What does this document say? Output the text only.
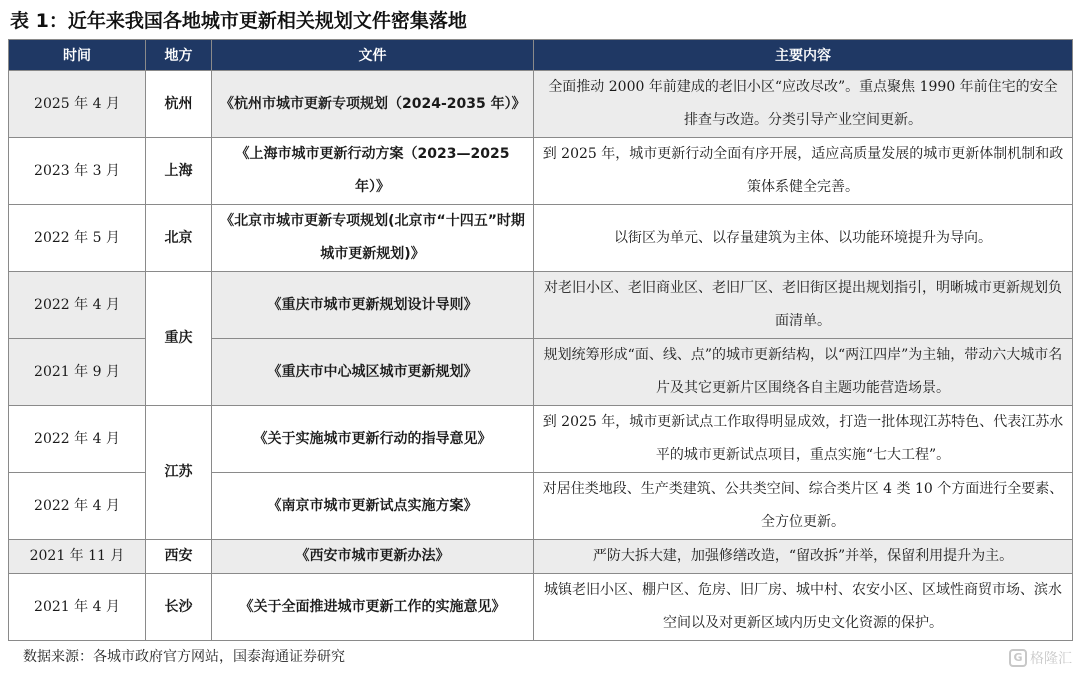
表 1：近年来我国各地城市更新相关规划文件密集落地
时间	地方	文件	主要内容
2025 年 4 月	杭州	《杭州市城市更新专项规划（2024-2035 年）》	全面推动 2000 年前建成的老旧小区“应改尽改”。重点聚焦 1990 年前住宅的安全排查与改造。分类引导产业空间更新。
2023 年 3 月	上海	《上海市城市更新行动方案（2023—2025 年）》	到 2025 年，城市更新行动全面有序开展，适应高质量发展的城市更新体制机制和政策体系健全完善。
2022 年 5 月	北京	《北京市城市更新专项规划(北京市“十四五”时期城市更新规划)》	以街区为单元、以存量建筑为主体、以功能环境提升为导向。
2022 年 4 月	重庆	《重庆市城市更新规划设计导则》	对老旧小区、老旧商业区、老旧厂区、老旧街区提出规划指引，明晰城市更新规划负面清单。
2021 年 9 月		《重庆市中心城区城市更新规划》	规划统筹形成“面、线、点”的城市更新结构，以“两江四岸”为主轴，带动六大城市名片及其它更新片区围绕各自主题功能营造场景。
2022 年 4 月	江苏	《关于实施城市更新行动的指导意见》	到 2025 年，城市更新试点工作取得明显成效，打造一批体现江苏特色、代表江苏水平的城市更新试点项目，重点实施“七大工程”。
2022 年 4 月		《南京市城市更新试点实施方案》	对居住类地段、生产类建筑、公共类空间、综合类片区 4 类 10 个方面进行全要素、全方位更新。
2021 年 11 月	西安	《西安市城市更新办法》	严防大拆大建，加强修缮改造，“留改拆”并举，保留利用提升为主。
2021 年 4 月	长沙	《关于全面推进城市更新工作的实施意见》	城镇老旧小区、棚户区、危房、旧厂房、城中村、农安小区、区域性商贸市场、滨水空间以及对更新区域内历史文化资源的保护。
数据来源：各城市政府官方网站，国泰海通证券研究	G 格隆汇
